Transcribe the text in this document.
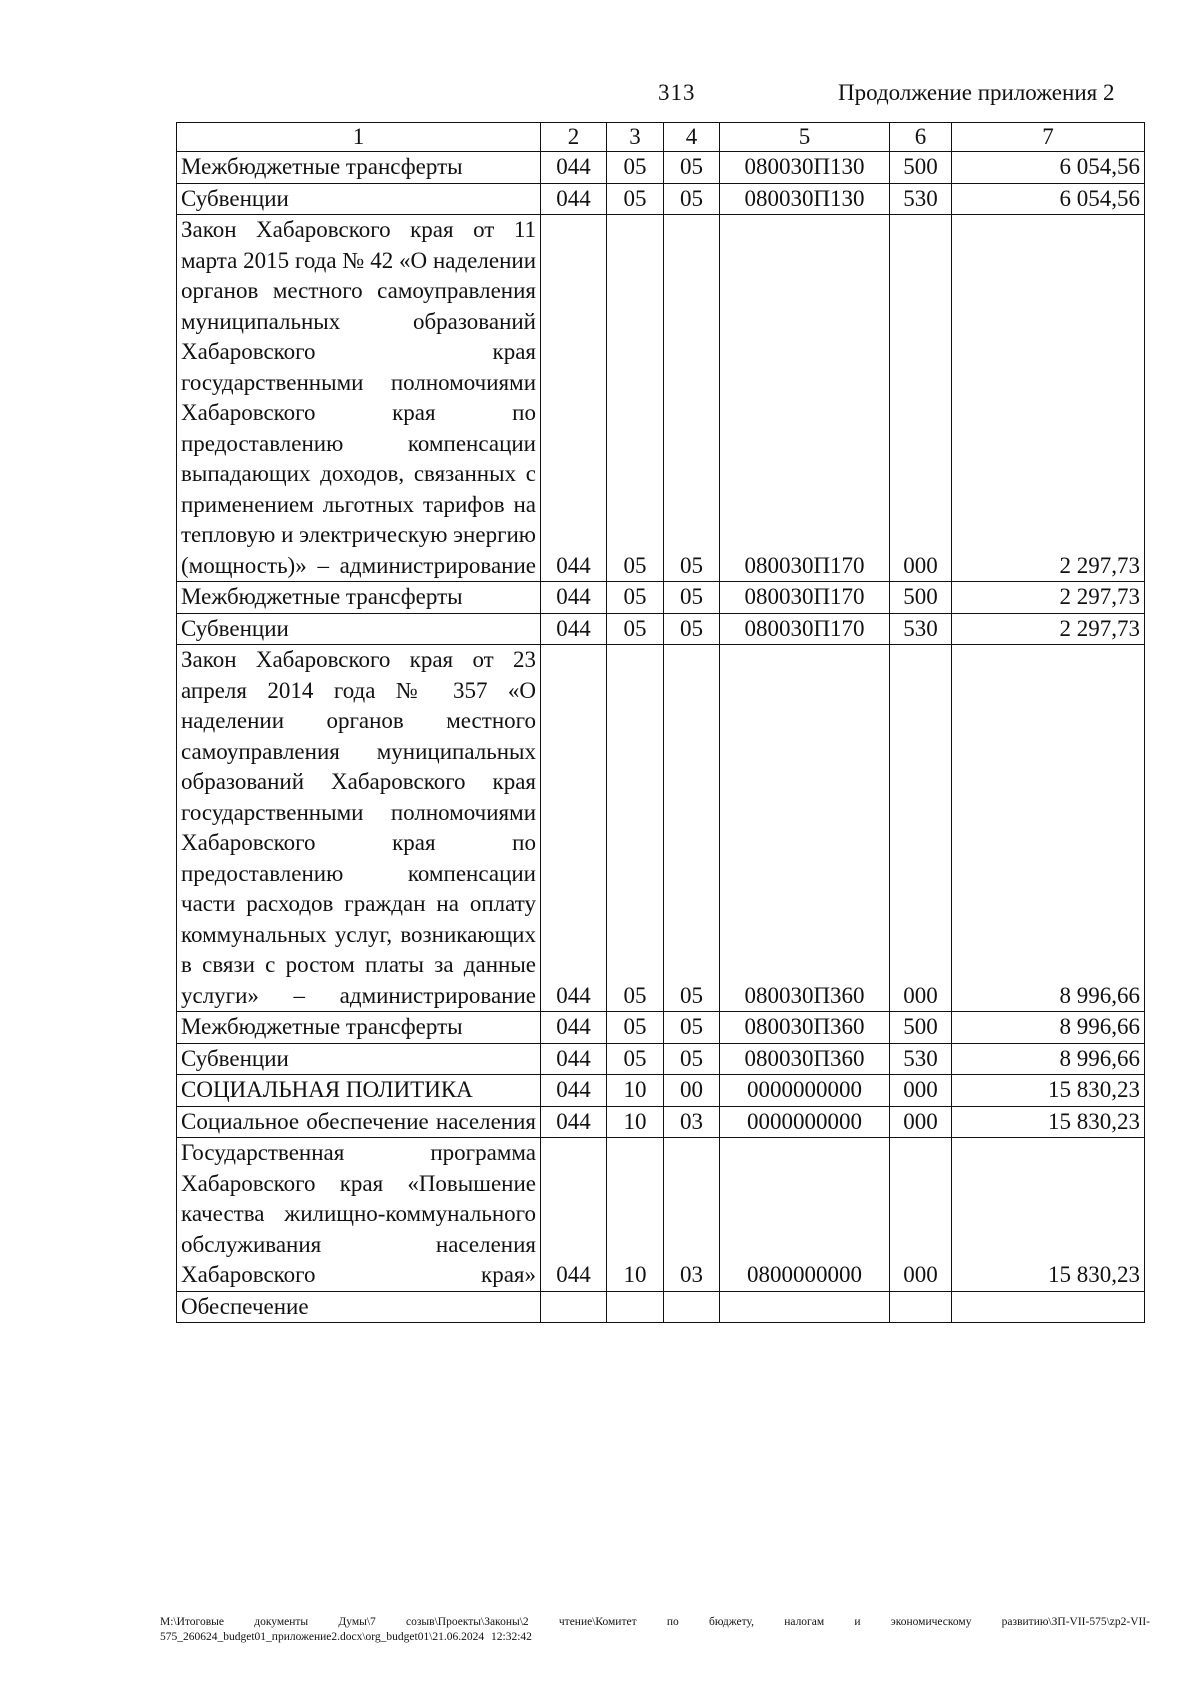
313	Продолжение приложения 2
1	2	3	4	5	6	7
Межбюджетные трансферты	044	05	05	080030П130	500	6 054,56
Субвенции	044	05	05	080030П130	530	6 054,56
Закон Хабаровского края от 11 марта 2015 года № 42 «О наделении органов местного самоуправления муниципальных образований Хабаровского края государственными полномочиями Хабаровского края по предоставлению компенсации выпадающих доходов, связанных с применением льготных тарифов на тепловую и электрическую энергию (мощность)» – администрирование	044	05	05	080030П170	000	2 297,73
Межбюджетные трансферты	044	05	05	080030П170	500	2 297,73
Субвенции	044	05	05	080030П170	530	2 297,73
Закон Хабаровского края от 23 апреля 2014 года № 357 «О наделении органов местного самоуправления муниципальных образований Хабаровского края государственными полномочиями Хабаровского края по предоставлению компенсации части расходов граждан на оплату коммунальных услуг, возникающих в связи с ростом платы за данные услуги» – администрирование	044	05	05	080030П360	000	8 996,66
Межбюджетные трансферты	044	05	05	080030П360	500	8 996,66
Субвенции	044	05	05	080030П360	530	8 996,66
СОЦИАЛЬНАЯ ПОЛИТИКА	044	10	00	0000000000	000	15 830,23
Социальное обеспечение населения	044	10	03	0000000000	000	15 830,23
Государственная программа Хабаровского края «Повышение качества жилищно-коммунального обслуживания населения Хабаровского края»	044	10	03	0800000000	000	15 830,23
Обеспечение						
M:\Итоговые документы Думы\7 созыв\Проекты\Законы\2 чтение\Комитет по бюджету, налогам и экономическому развитию\ЗП-VII-575\zp2-VII-575_260624_budget01_приложение2.docx\org_budget01\21.06.2024 12:32:42
